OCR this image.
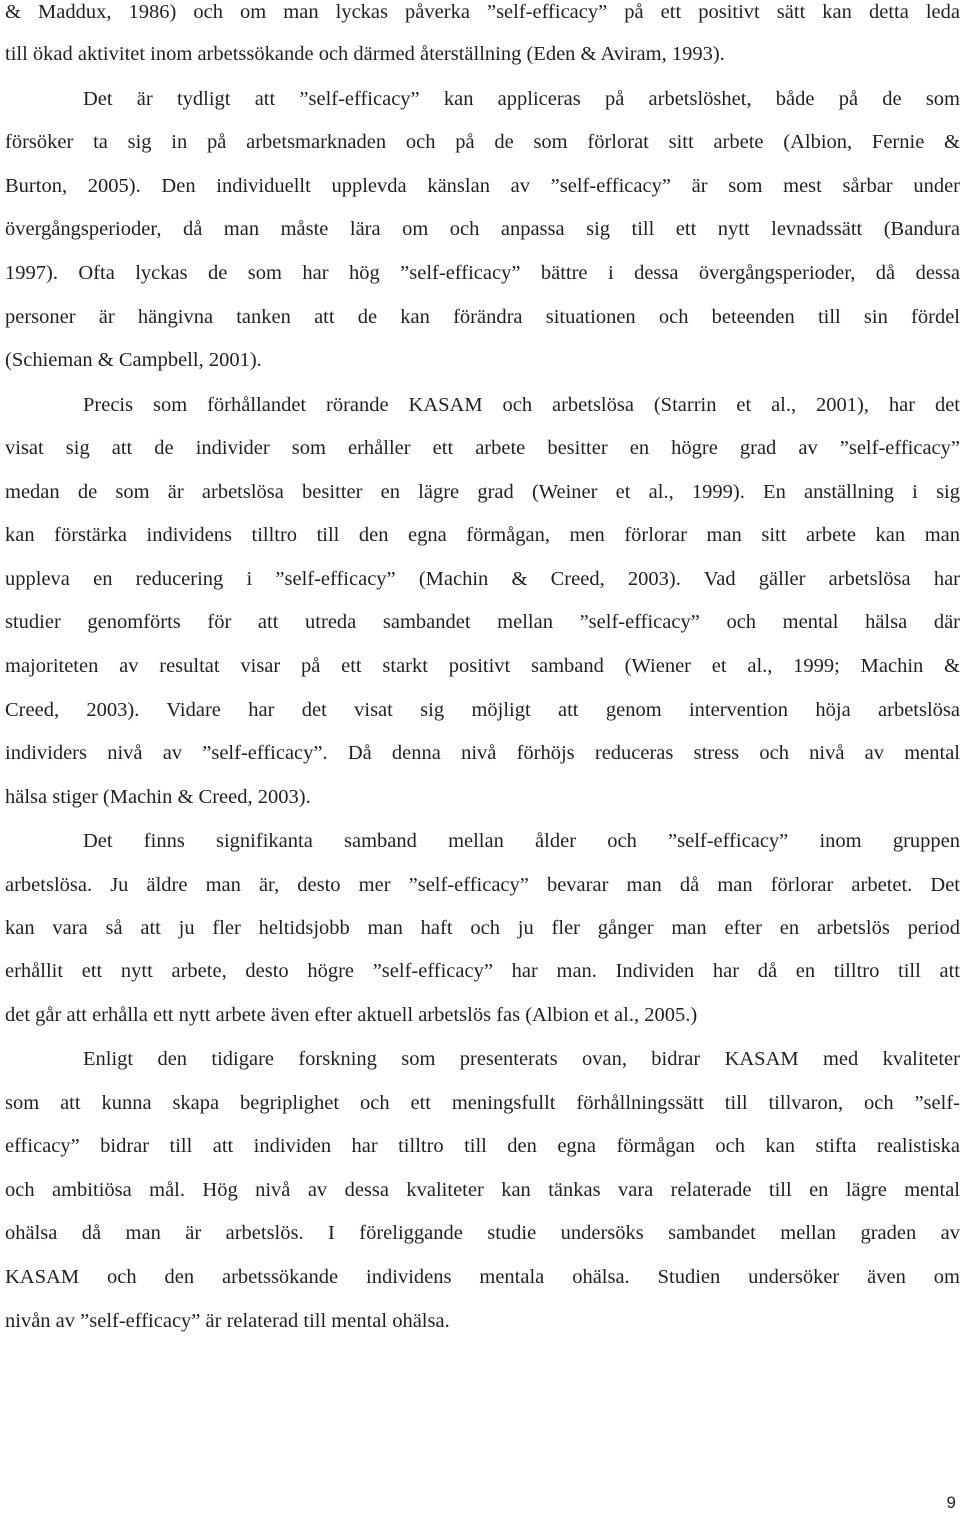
& Maddux, 1986) och om man lyckas påverka ”self-efficacy” på ett positivt sätt kan detta leda
till ökad aktivitet inom arbetssökande och därmed återställning (Eden & Aviram, 1993).
Det är tydligt att ”self-efficacy” kan appliceras på arbetslöshet, både på de som
försöker ta sig in på arbetsmarknaden och på de som förlorat sitt arbete (Albion, Fernie &
Burton, 2005). Den individuellt upplevda känslan av ”self-efficacy” är som mest sårbar under
övergångsperioder, då man måste lära om och anpassa sig till ett nytt levnadssätt (Bandura
1997). Ofta lyckas de som har hög ”self-efficacy” bättre i dessa övergångsperioder, då dessa
personer är hängivna tanken att de kan förändra situationen och beteenden till sin fördel
(Schieman & Campbell, 2001).
Precis som förhållandet rörande KASAM och arbetslösa (Starrin et al., 2001), har det
visat sig att de individer som erhåller ett arbete besitter en högre grad av ”self-efficacy”
medan de som är arbetslösa besitter en lägre grad (Weiner et al., 1999). En anställning i sig
kan förstärka individens tilltro till den egna förmågan, men förlorar man sitt arbete kan man
uppleva en reducering i ”self-efficacy” (Machin & Creed, 2003). Vad gäller arbetslösa har
studier genomförts för att utreda sambandet mellan ”self-efficacy” och mental hälsa där
majoriteten av resultat visar på ett starkt positivt samband (Wiener et al., 1999; Machin &
Creed, 2003). Vidare har det visat sig möjligt att genom intervention höja arbetslösa
individers nivå av ”self-efficacy”. Då denna nivå förhöjs reduceras stress och nivå av mental
hälsa stiger (Machin & Creed, 2003).
Det finns signifikanta samband mellan ålder och ”self-efficacy” inom gruppen
arbetslösa. Ju äldre man är, desto mer ”self-efficacy” bevarar man då man förlorar arbetet. Det
kan vara så att ju fler heltidsjobb man haft och ju fler gånger man efter en arbetslös period
erhållit ett nytt arbete, desto högre ”self-efficacy” har man. Individen har då en tilltro till att
det går att erhålla ett nytt arbete även efter aktuell arbetslös fas (Albion et al., 2005.)
Enligt den tidigare forskning som presenterats ovan, bidrar KASAM med kvaliteter
som att kunna skapa begriplighet och ett meningsfullt förhållningssätt till tillvaron, och ”self-
efficacy” bidrar till att individen har tilltro till den egna förmågan och kan stifta realistiska
och ambitiösa mål. Hög nivå av dessa kvaliteter kan tänkas vara relaterade till en lägre mental
ohälsa då man är arbetslös. I föreliggande studie undersöks sambandet mellan graden av
KASAM och den arbetssökande individens mentala ohälsa. Studien undersöker även om
nivån av ”self-efficacy” är relaterad till mental ohälsa.
9
